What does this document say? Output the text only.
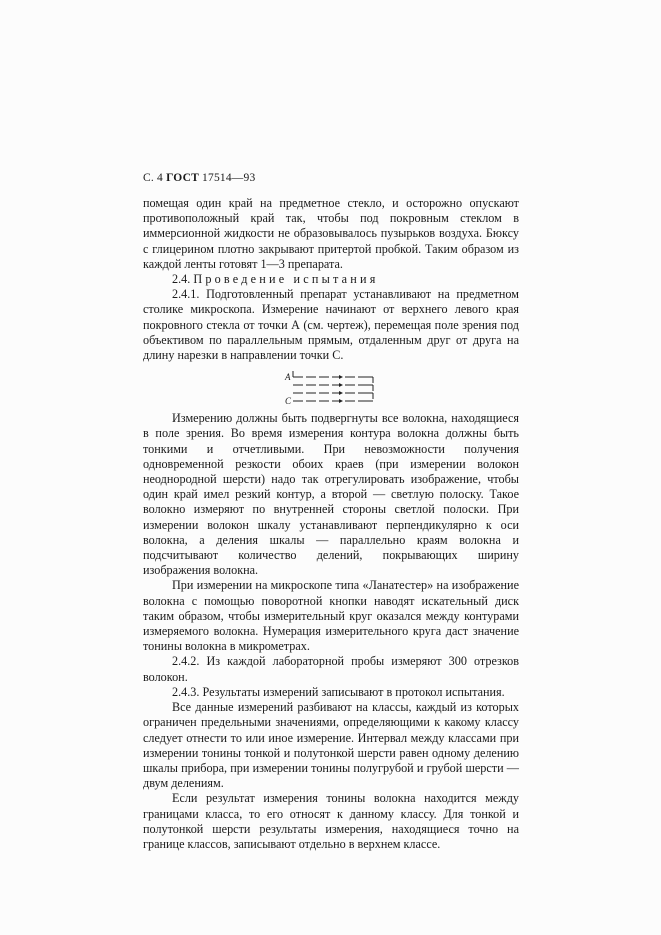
С. 4 ГОСТ 17514—93

помещая один край на предметное стекло, и осторожно опускают противоположный край так, чтобы под покровным стеклом в иммерсионной жидкости не образовывалось пузырьков воздуха. Бюксу с глицерином плотно закрывают притертой пробкой. Таким образом из каждой ленты готовят 1—3 препарата.

2.4. Проведение испытания

2.4.1. Подготовленный препарат устанавливают на предметном столике микроскопа. Измерение начинают от верхнего левого края покровного стекла от точки А (см. чертеж), перемещая поле зрения под объективом по параллельным прямым, отдаленным друг от друга на длину нарезки в направлении точки С.

А
С

Измерению должны быть подвергнуты все волокна, находящиеся в поле зрения. Во время измерения контура волокна должны быть тонкими и отчетливыми. При невозможности получения одновременной резкости обоих краев (при измерении волокон неоднородной шерсти) надо так отрегулировать изображение, чтобы один край имел резкий контур, а второй — светлую полоску. Такое волокно измеряют по внутренней стороны светлой полоски. При измерении волокон шкалу устанавливают перпендикулярно к оси волокна, а деления шкалы — параллельно краям волокна и подсчитывают количество делений, покрывающих ширину изображения волокна.

При измерении на микроскопе типа «Ланатестер» на изображение волокна с помощью поворотной кнопки наводят искательный диск таким образом, чтобы измерительный круг оказался между контурами измеряемого волокна. Нумерация измерительного круга даст значение тонины волокна в микрометрах.

2.4.2. Из каждой лабораторной пробы измеряют 300 отрезков волокон.

2.4.3. Результаты измерений записывают в протокол испытания.

Все данные измерений разбивают на классы, каждый из которых ограничен предельными значениями, определяющими к какому классу следует отнести то или иное измерение. Интервал между классами при измерении тонины тонкой и полутонкой шерсти равен одному делению шкалы прибора, при измерении тонины полугрубой и грубой шерсти — двум делениям.

Если результат измерения тонины волокна находится между границами класса, то его относят к данному классу. Для тонкой и полутонкой шерсти результаты измерения, находящиеся точно на границе классов, записывают отдельно в верхнем классе.
